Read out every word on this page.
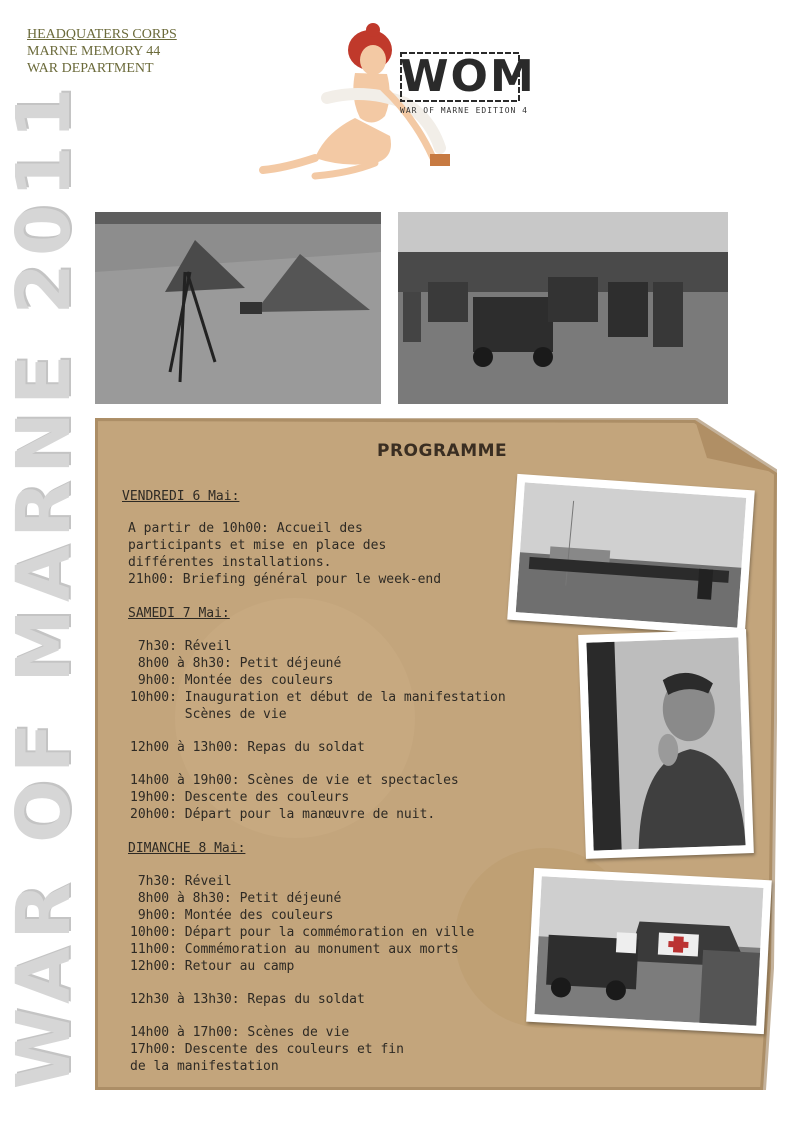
HEADQUATERS CORPS
MARNE MEMORY 44
WAR DEPARTMENT
WAR OF MARNE 2011
WOM
WAR OF MARNE EDITION 4
PROGRAMME
VENDREDI 6 Mai:
A partir de 10h00: Accueil des
participants et mise en place des
différentes installations.
21h00: Briefing général pour le week-end
SAMEDI 7 Mai:
7h30: Réveil
8h00 à 8h30: Petit déjeuné
9h00: Montée des couleurs
10h00: Inauguration et début de la manifestation
Scènes de vie
12h00 à 13h00: Repas du soldat
14h00 à 19h00: Scènes de vie et spectacles
19h00: Descente des couleurs
20h00: Départ pour la manœuvre de nuit.
DIMANCHE 8 Mai:
7h30: Réveil
8h00 à 8h30: Petit déjeuné
9h00: Montée des couleurs
10h00: Départ pour la commémoration en ville
11h00: Commémoration au monument aux morts
12h00: Retour au camp
12h30 à 13h30: Repas du soldat
14h00 à 17h00: Scènes de vie
17h00: Descente des couleurs et fin
de la manifestation
